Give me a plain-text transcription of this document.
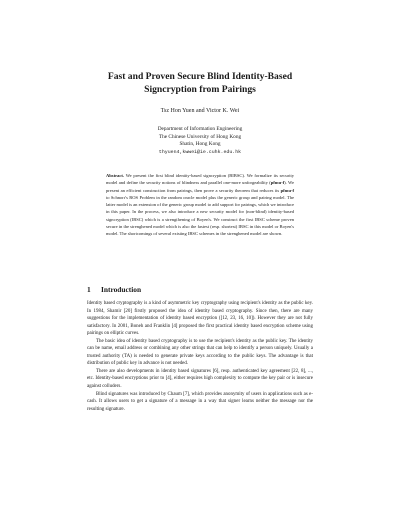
Fast and Proven Secure Blind Identity-Based
Signcryption from Pairings
Tsz Hon Yuen and Victor K. Wei
Department of Information Engineering
The Chinese University of Hong Kong
Shatin, Hong Kong
thyuen4,kwwei@ie.cuhk.edu.hk
Abstract. We present the first blind identity-based signcryption (BIBSC). We formalize its security model and define the security notions of blindness and parallel one-more unforgeability (pfmu-f). We present an efficient construction from pairings, then prove a security theorem that reduces its pfmu-f to Schnorr's ROS Problem in the random oracle model plus the generic group and pairing model. The latter model is an extension of the generic group model to add support for pairings, which we introduce in this paper. In the process, we also introduce a new security model for (non-blind) identity-based signcryption (IBSC) which is a strengthening of Boyen's. We construct the first IBSC scheme proven secure in the strenghened model which is also the fastest (resp. shortest) IBSC in this model or Boyen's model. The shortcomings of several existing IBSC schemes in the strenghened model are shown.
1 Introduction

Identity based cryptography is a kind of asymmetric key cryptography using recipient's identity as the public key. In 1984, Shamir [20] firstly proposed the idea of identity based cryptography. Since then, there are many suggestions for the implementation of identity based encryption ([12, 23, 16, 10]). However they are not fully satisfactory. In 2001, Boneh and Franklin [4] proposed the first practical identity based encryption scheme using pairings on elliptic curves.

The basic idea of identity based cryptography is to use the recipient's identity as the public key. The identity can be name, email address or combining any other strings that can help to identify a person uniquely. Usually a trusted authority (TA) is needed to generate private keys according to the public keys. The advantage is that distribution of public key in advance is not needed.

There are also developments in identity based signatures [6], resp. authenticated key agreement [22, 8], ..., etc. Identity-based encryptions prior to [4], either requires high complexity to compute the key pair or is insecure against colluders.

Blind signatures was introduced by Chaum [7], which provides anonymity of users in applications such as e-cash. It allows users to get a signature of a message in a way that signer learns neither the message nor the resulting signature.
